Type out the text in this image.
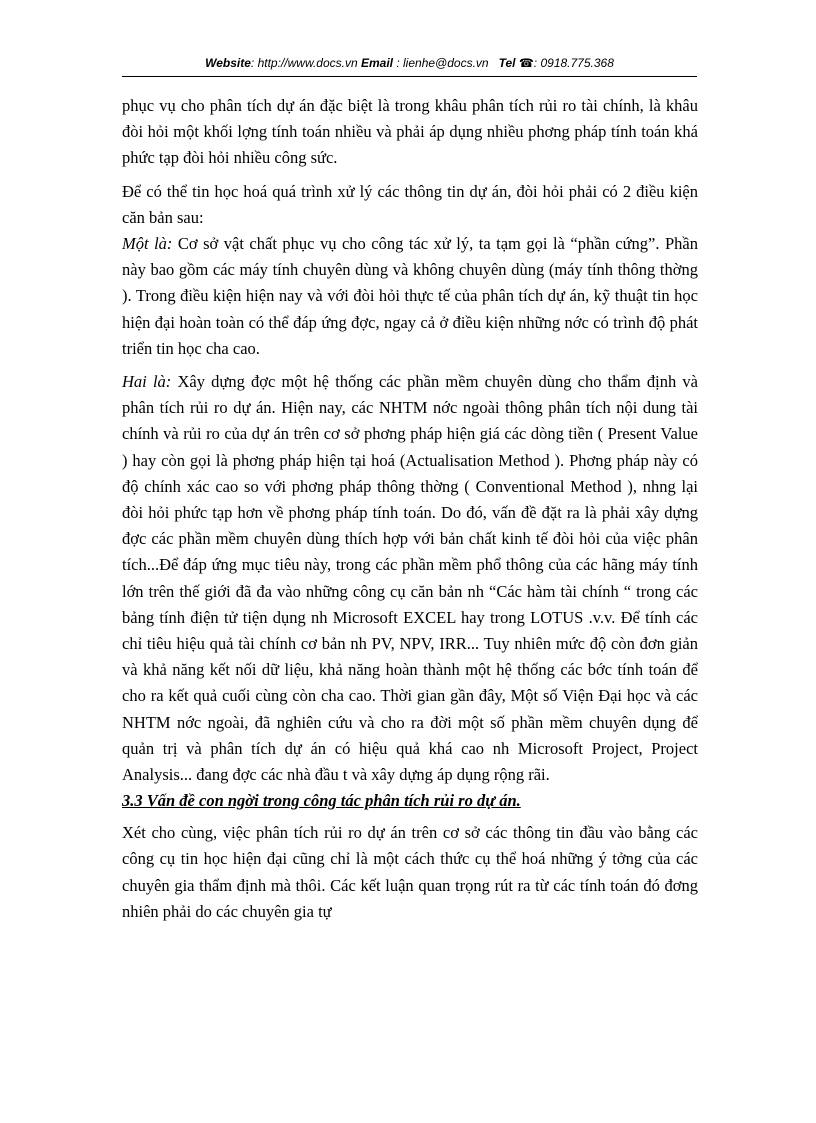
Website: http://www.docs.vn Email : lienhe@docs.vn Tel ☎: 0918.775.368

phục vụ cho phân tích dự án đặc biệt là trong khâu phân tích rủi ro tài chính, là khâu đòi hỏi một khối lợng tính toán nhiều và phải áp dụng nhiều phơng pháp tính toán khá phức tạp đòi hỏi nhiều công sức.

Để có thể tin học hoá quá trình xử lý các thông tin dự án, đòi hỏi phải có 2 điều kiện căn bản sau:

Một là: Cơ sở vật chất phục vụ cho công tác xử lý, ta tạm gọi là “phần cứng”. Phần này bao gồm các máy tính chuyên dùng và không chuyên dùng (máy tính thông thờng ). Trong điều kiện hiện nay và với đòi hỏi thực tế của phân tích dự án, kỹ thuật tin học hiện đại hoàn toàn có thể đáp ứng đợc, ngay cả ở điều kiện những nớc có trình độ phát triển tin học cha cao.

Hai là: Xây dựng đợc một hệ thống các phần mềm chuyên dùng cho thẩm định và phân tích rủi ro dự án. Hiện nay, các NHTM nớc ngoài thông phân tích nội dung tài chính và rủi ro của dự án trên cơ sở phơng pháp hiện giá các dòng tiền ( Present Value ) hay còn gọi là phơng pháp hiện tại hoá (Actualisation Method ). Phơng pháp này có độ chính xác cao so với phơng pháp thông thờng ( Conventional Method ), nhng lại đòi hỏi phức tạp hơn về phơng pháp tính toán. Do đó, vấn đề đặt ra là phải xây dựng đợc các phần mềm chuyên dùng thích hợp với bản chất kinh tế đòi hỏi của việc phân tích...Để đáp ứng mục tiêu này, trong các phần mềm phổ thông của các hãng máy tính lớn trên thế giới đã đa vào những công cụ căn bản nh “Các hàm tài chính “ trong các bảng tính điện tử tiện dụng nh Microsoft EXCEL hay trong LOTUS .v.v. Để tính các chỉ tiêu hiệu quả tài chính cơ bản nh PV, NPV, IRR... Tuy nhiên mức độ còn đơn giản và khả năng kết nối dữ liệu, khả năng hoàn thành một hệ thống các bớc tính toán để cho ra kết quả cuối cùng còn cha cao. Thời gian gần đây, Một số Viện Đại học và các NHTM nớc ngoài, đã nghiên cứu và cho ra đời một số phần mềm chuyên dụng để quản trị và phân tích dự án có hiệu quả khá cao nh Microsoft Project, Project Analysis... đang đợc các nhà đầu t và xây dựng áp dụng rộng rãi.

3.3 Vấn đề con ngời trong công tác phân tích rủi ro dự án.

Xét cho cùng, việc phân tích rủi ro dự án trên cơ sở các thông tin đầu vào bằng các công cụ tin học hiện đại cũng chỉ là một cách thức cụ thể hoá những ý tởng của các chuyên gia thẩm định mà thôi. Các kết luận quan trọng rút ra từ các tính toán đó đơng nhiên phải do các chuyên gia tự
